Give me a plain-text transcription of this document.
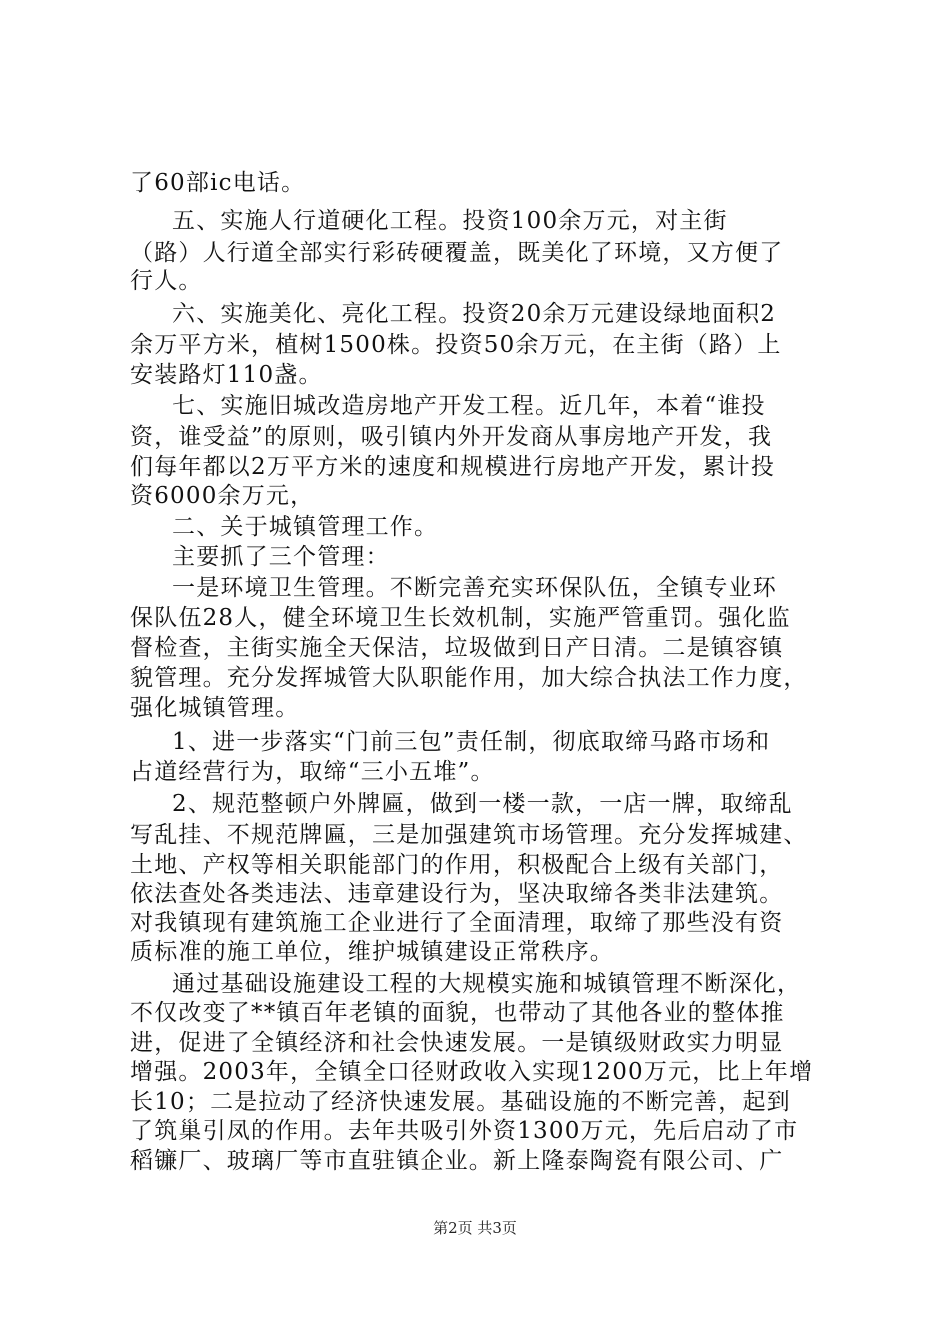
了60部ic电话。
五、实施人行道硬化工程。投资100余万元，对主街
（路）人行道全部实行彩砖硬覆盖，既美化了环境，又方便了
行人。
六、实施美化、亮化工程。投资20余万元建设绿地面积2
余万平方米，植树1500株。投资50余万元，在主街（路）上
安装路灯110盏。
七、实施旧城改造房地产开发工程。近几年，本着“谁投
资，谁受益”的原则，吸引镇内外开发商从事房地产开发，我
们每年都以2万平方米的速度和规模进行房地产开发，累计投
资6000余万元，
二、关于城镇管理工作。
主要抓了三个管理：
一是环境卫生管理。不断完善充实环保队伍，全镇专业环
保队伍28人，健全环境卫生长效机制，实施严管重罚。强化监
督检查，主街实施全天保洁，垃圾做到日产日清。二是镇容镇
貌管理。充分发挥城管大队职能作用，加大综合执法工作力度，
强化城镇管理。
1、进一步落实“门前三包”责任制，彻底取缔马路市场和
占道经营行为，取缔“三小五堆”。
2、规范整顿户外牌匾，做到一楼一款，一店一牌，取缔乱
写乱挂、不规范牌匾，三是加强建筑市场管理。充分发挥城建、
土地、产权等相关职能部门的作用，积极配合上级有关部门，
依法查处各类违法、违章建设行为，坚决取缔各类非法建筑。
对我镇现有建筑施工企业进行了全面清理，取缔了那些没有资
质标准的施工单位，维护城镇建设正常秩序。
通过基础设施建设工程的大规模实施和城镇管理不断深化，
不仅改变了**镇百年老镇的面貌，也带动了其他各业的整体推
进，促进了全镇经济和社会快速发展。一是镇级财政实力明显
增强。2003年，全镇全口径财政收入实现1200万元，比上年增
长10；二是拉动了经济快速发展。基础设施的不断完善，起到
了筑巢引凤的作用。去年共吸引外资1300万元，先后启动了市
稻镰厂、玻璃厂等市直驻镇企业。新上隆泰陶瓷有限公司、广
第2页 共3页
